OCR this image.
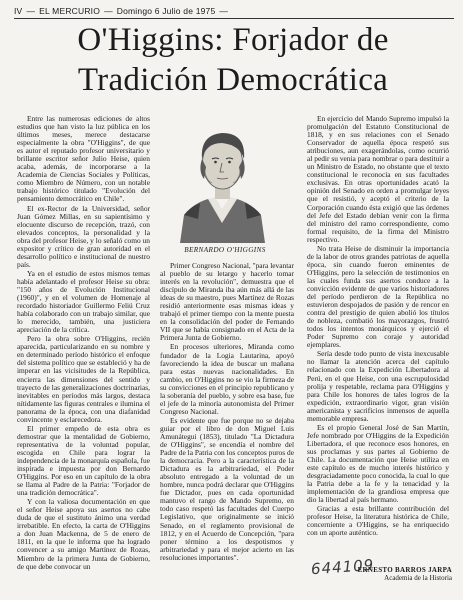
IV — EL MERCURIO — Domingo 6 Julio de 1975 —
O'Higgins: Forjador de
Tradición Democrática

Entre las numerosas ediciones de altos estudios que han visto la luz pública en los últimos meses, merece destacarse especialmente la obra "O'Higgins", de que es autor el reputado profesor universitario y brillante escritor señor Julio Heise, quien acaba, además, de incorporarse a la Academia de Ciencias Sociales y Políticas, como Miembro de Número, con un notable trabajo histórico titulado "Evolución del pensamiento democrático en Chile".

El ex-Rector de la Universidad, señor Juan Gómez Millas, en su sapientísimo y elocuente discurso de recepción, trazó, con elevados conceptos, la personalidad y la obra del profesor Heise, y lo señaló como un expositor y crítico de gran autoridad en el desarrollo político e institucional de nuestro país.

Ya en el estudio de estos mismos temas había adelantado el profesor Heise su obra: "150 años de Evolución Institucional (1960)", y en el volumen de Homenaje al recordado historiador Guillermo Feliú Cruz había colaborado con un trabajo similar, que lo merecido, también, una justiciera apreciación de la crítica.

Pero la obra sobre O'Higgins, recién aparecida, particularizando en su nombre y en determinado período histórico el enfoque del sistema político que se estableció y ha de imperar en las vicisitudes de la República, encierra las dimensiones del sentido y trayecto de las generalizaciones doctrinarias, inevitables en períodos más largos, destaca nítidamente las figuras centrales e ilumina el panorama de la época, con una diafanidad convincente y esclarecedora.

El primer empeño de esta obra es demostrar que la mentalidad de Gobierno, representativa de la voluntad popular, escogida en Chile para lograr la independencia de la monarquía española, fue inspirada e impuesta por don Bernardo O'Higgins. Por eso en un capítulo de la obra se llama al Padre de la Patria: "Forjador de una tradición democrática".

Y con la valiosa documentación en que el señor Heise apoya sus asertos no cabe duda de que el sustituto ánimo una verdad irrebatible. En efecto, la carta de O'Higgins a don Juan Mackenna, de 5 de enero de 1811, en la que le informa que ha logrado convencer a su amigo Martínez de Rozas, Miembro de la primera Junta de Gobierno, de que debe convocar un

BERNARDO O'HIGGINS

Primer Congreso Nacional, "para levantar al pueblo de su letargo y hacerlo tomar interés en la revolución", demuestra que el discípulo de Miranda iba aún más allá de las ideas de su maestro, pues Martínez de Rozas residió anteriormente esas mismas ideas y trabajó el primer tiempo con la mente puesta en la consolidación del poder de Fernando VII que se había consignado en el Acta de la Primera Junta de Gobierno.

En procesos ulteriores, Miranda como fundador de la Logia Lautarina, apoyó favoreciendo la idea de buscar un mañana para estas nuevas nacionalidades. En cambio, en O'Higgins no se vio la firmeza de su convicciones en el principio republicano y la soberanía del pueblo, y sobre esa base, fue el jefe de la minoría autonomista del Primer Congreso Nacional.

Es evidente que fue porque no se dejaba guiar por el libro de don Miguel Luis Amunátegui (1853), titulado "La Dictadura de O'Higgins", se encendía el nombre del Padre de la Patria con los conceptos puros de la democracia. Pero a la característica de la Dictadura es la arbitrariedad, el Poder absoluto entregado a la voluntad de un hombre, nunca podrá declarar que O'Higgins fue Dictador, pues en cada oportunidad mantuvo el rango de Mando Supremo, en todo caso respetó las facultades del Cuerpo Legislativo, que originalmente se inició Senado, en el reglamento provisional de 1812, y en el Acuerdo de Concepción, "para poner término a los despotismos y arbitrariedad y para el mejor acierto en las resoluciones importantes".

En ejercicio del Mando Supremo impulsó la promulgación del Estatuto Constitucional de 1818, y en sus relaciones con el Senado Conservador de aquella época respetó sus atribuciones, aun exagerándolas, como ocurrió al pedir su venia para nombrar o para destituir a un Ministro de Estado, no obstante que el texto constitucional le reconocía en sus facultades exclusivas. En otras oportunidades acató la opinión del Senado en orden a promulgar leyes que el resistió, y aceptó el criterio de la Corporación cuando ésta exigió que las órdenes del Jefe del Estado debían venir con la firma del ministro del ramo correspondiente, como formal requisito, de la firma del Ministro respectivo.

No trata Heise de disminuir la importancia de la labor de otros grandes patriotas de aquella época, sin cuando fueron eminentes de O'Higgins, pero la selección de testimonios en las cuales funda sus asertos conduce a la convicción evidente de que varios historiadores del período perdieron de la República no estuvieron despojados de pasión y de rencor en contra del prestigio de quien abolió los títulos de nobleza, combatió los mayorazgos, frustró todos los intentos monárquicos y ejerció el Poder Supremo con coraje y autoridad ejemplares.

Sería desde todo punto de vista inexcusable no llamar la atención acerca del capítulo relacionado con la Expedición Libertadora al Perú, en el que Heise, con una escrupulosidad prolija y respetable, reclama para O'Higgins y para Chile los honores de tales logros de la expedición, extraordinario vigor, gran visión americanista y sacrificios inmensos de aquella memorable empresa.

Es el propio General José de San Martín, Jefe nombrado por O'Higgins de la Expedición Libertadora, el que reconoce esos honores, en sus proclamas y sus partes al Gobierno de Chile. La documentación que Heise utiliza en este capítulo es de mucho interés histórico y desgraciadamente poco conocida, la cual lo que la Patria debe a la fe y la tenacidad y la implementación de la grandiosa empresa que dio la libertad al país hermano.

Gracias a esta brillante contribución del profesor Heise, la literatura histórica de Chile, concerniente a O'Higgins, se ha enriquecido con un aporte auténtico.

644109
ERNESTO BARROS JARPA
Academia de la Historia
